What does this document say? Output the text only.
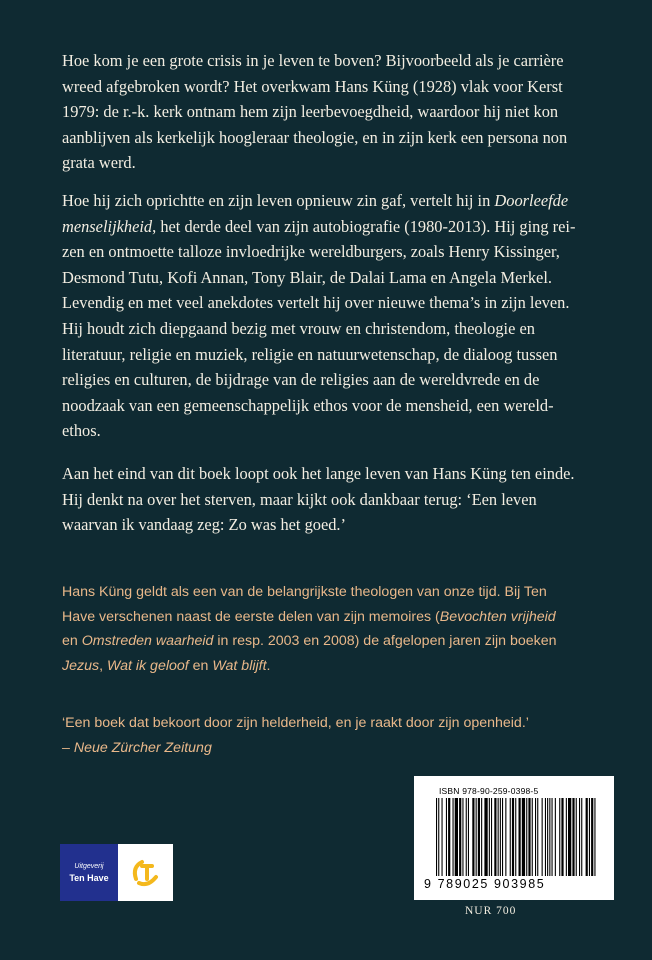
Hoe kom je een grote crisis in je leven te boven? Bijvoorbeeld als je carrière
wreed afgebroken wordt? Het overkwam Hans Küng (1928) vlak voor Kerst
1979: de r.-k. kerk ontnam hem zijn leerbevoegdheid, waardoor hij niet kon
aanblijven als kerkelijk hoogleraar theologie, en in zijn kerk een persona non
grata werd.
Hoe hij zich oprichtte en zijn leven opnieuw zin gaf, vertelt hij in Doorleefde
menselijkheid, het derde deel van zijn autobiografie (1980-2013). Hij ging rei-
zen en ontmoette talloze invloedrijke wereldburgers, zoals Henry Kissinger,
Desmond Tutu, Kofi Annan, Tony Blair, de Dalai Lama en Angela Merkel.
Levendig en met veel anekdotes vertelt hij over nieuwe thema’s in zijn leven.
Hij houdt zich diepgaand bezig met vrouw en christendom, theologie en
literatuur, religie en muziek, religie en natuurwetenschap, de dialoog tussen
religies en culturen, de bijdrage van de religies aan de wereldvrede en de
noodzaak van een gemeenschappelijk ethos voor de mensheid, een wereld-
ethos.
Aan het eind van dit boek loopt ook het lange leven van Hans Küng ten einde.
Hij denkt na over het sterven, maar kijkt ook dankbaar terug: ‘Een leven
waarvan ik vandaag zeg: Zo was het goed.’
Hans Küng geldt als een van de belangrijkste theologen van onze tijd. Bij Ten
Have verschenen naast de eerste delen van zijn memoires (Bevochten vrijheid
en Omstreden waarheid in resp. 2003 en 2008) de afgelopen jaren zijn boeken
Jezus, Wat ik geloof en Wat blijft.
‘Een boek dat bekoort door zijn helderheid, en je raakt door zijn openheid.’
– Neue Zürcher Zeitung
Uitgeverij
Ten Have
ISBN 978-90-259-0398-5
9 789025 903985
NUR 700
